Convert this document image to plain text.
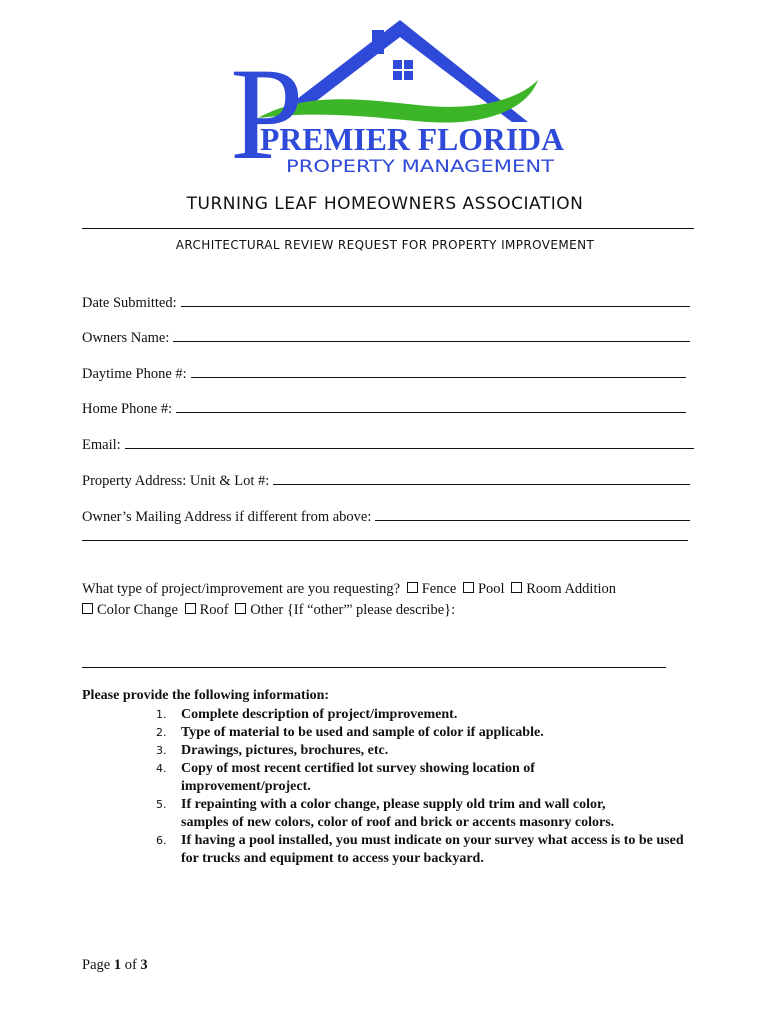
P
PREMIER FLORIDA
PROPERTY MANAGEMENT
TURNING LEAF HOMEOWNERS ASSOCIATION
ARCHITECTURAL REVIEW REQUEST FOR PROPERTY IMPROVEMENT
Date Submitted:
Owners Name:
Daytime Phone #:
Home Phone #:
Email:
Property Address: Unit & Lot #:
Owner’s Mailing Address if different from above:
What type of project/improvement are you requesting? Fence Pool Room Addition
Color Change Roof Other {If “other”' please describe}:
Please provide the following information:
1. Complete description of project/improvement.
2. Type of material to be used and sample of color if applicable.
3. Drawings, pictures, brochures, etc.
4. Copy of most recent certified lot survey showing location of improvement/project.
5. If repainting with a color change, please supply old trim and wall color, samples of new colors, color of roof and brick or accents masonry colors.
6. If having a pool installed, you must indicate on your survey what access is to be used for trucks and equipment to access your backyard.
Page 1 of 3
